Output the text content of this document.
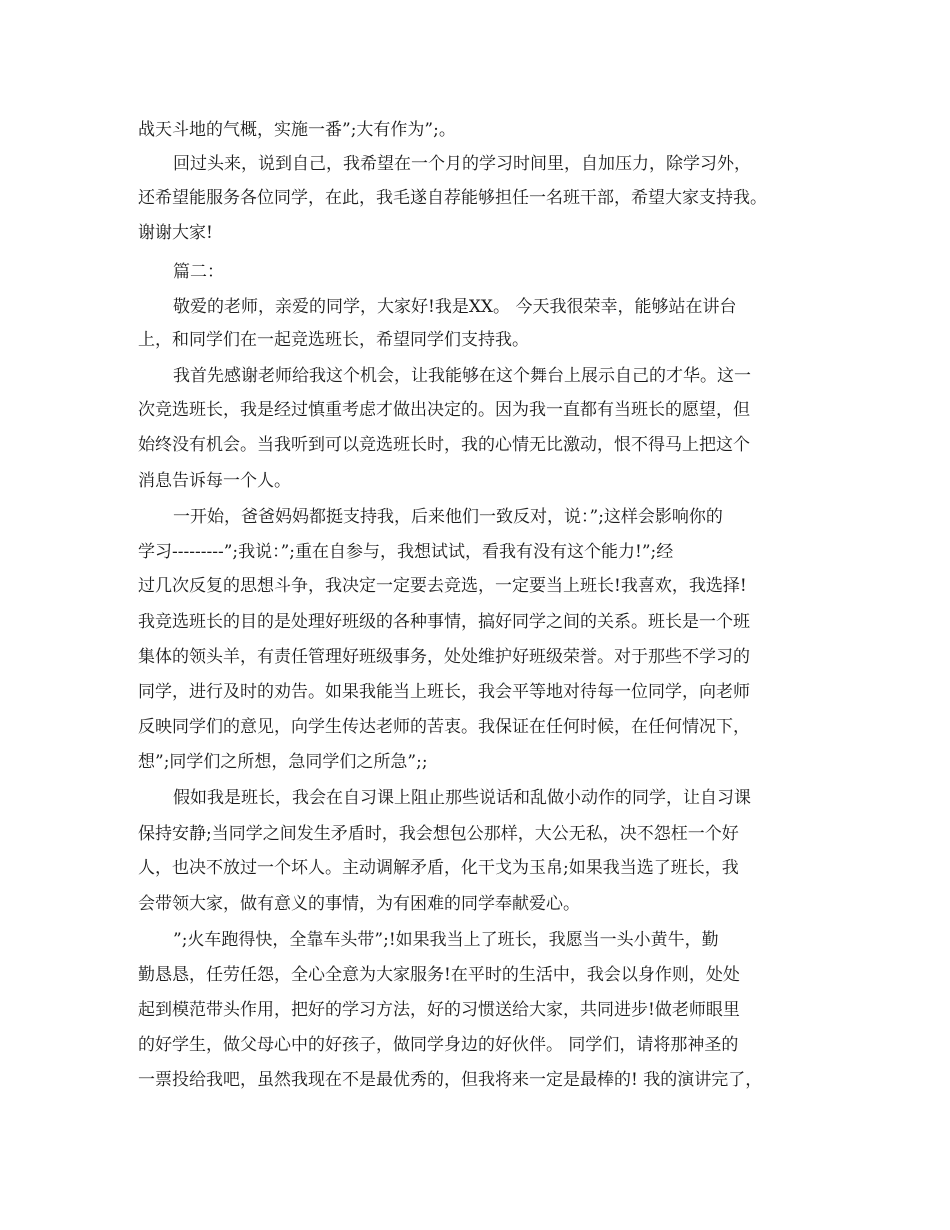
战天斗地的气概，实施一番”;大有作为”;。
回过头来，说到自己，我希望在一个月的学习时间里，自加压力，除学习外，
还希望能服务各位同学，在此，我毛遂自荐能够担任一名班干部，希望大家支持我。
谢谢大家!
篇二：
敬爱的老师，亲爱的同学，大家好!我是XX。 今天我很荣幸，能够站在讲台
上，和同学们在一起竞选班长，希望同学们支持我。
我首先感谢老师给我这个机会，让我能够在这个舞台上展示自己的才华。这一
次竞选班长，我是经过慎重考虑才做出决定的。因为我一直都有当班长的愿望，但
始终没有机会。当我听到可以竞选班长时，我的心情无比激动，恨不得马上把这个
消息告诉每一个人。
一开始，爸爸妈妈都挺支持我，后来他们一致反对，说：”;这样会影响你的
学习---------”;我说：”;重在自参与，我想试试，看我有没有这个能力!”;经
过几次反复的思想斗争，我决定一定要去竞选，一定要当上班长!我喜欢，我选择!
我竞选班长的目的是处理好班级的各种事情，搞好同学之间的关系。班长是一个班
集体的领头羊，有责任管理好班级事务，处处维护好班级荣誉。对于那些不学习的
同学，进行及时的劝告。如果我能当上班长，我会平等地对待每一位同学，向老师
反映同学们的意见，向学生传达老师的苦衷。我保证在任何时候，在任何情况下，
想”;同学们之所想，急同学们之所急”;;
假如我是班长，我会在自习课上阻止那些说话和乱做小动作的同学，让自习课
保持安静;当同学之间发生矛盾时，我会想包公那样，大公无私，决不怨枉一个好
人，也决不放过一个坏人。主动调解矛盾，化干戈为玉帛;如果我当选了班长，我
会带领大家，做有意义的事情，为有困难的同学奉献爱心。
”;火车跑得快，全靠车头带”;!如果我当上了班长，我愿当一头小黄牛，勤
勤恳恳，任劳任怨，全心全意为大家服务!在平时的生活中，我会以身作则，处处
起到模范带头作用，把好的学习方法，好的习惯送给大家，共同进步!做老师眼里
的好学生，做父母心中的好孩子，做同学身边的好伙伴。 同学们，请将那神圣的
一票投给我吧，虽然我现在不是最优秀的，但我将来一定是最棒的! 我的演讲完了，
